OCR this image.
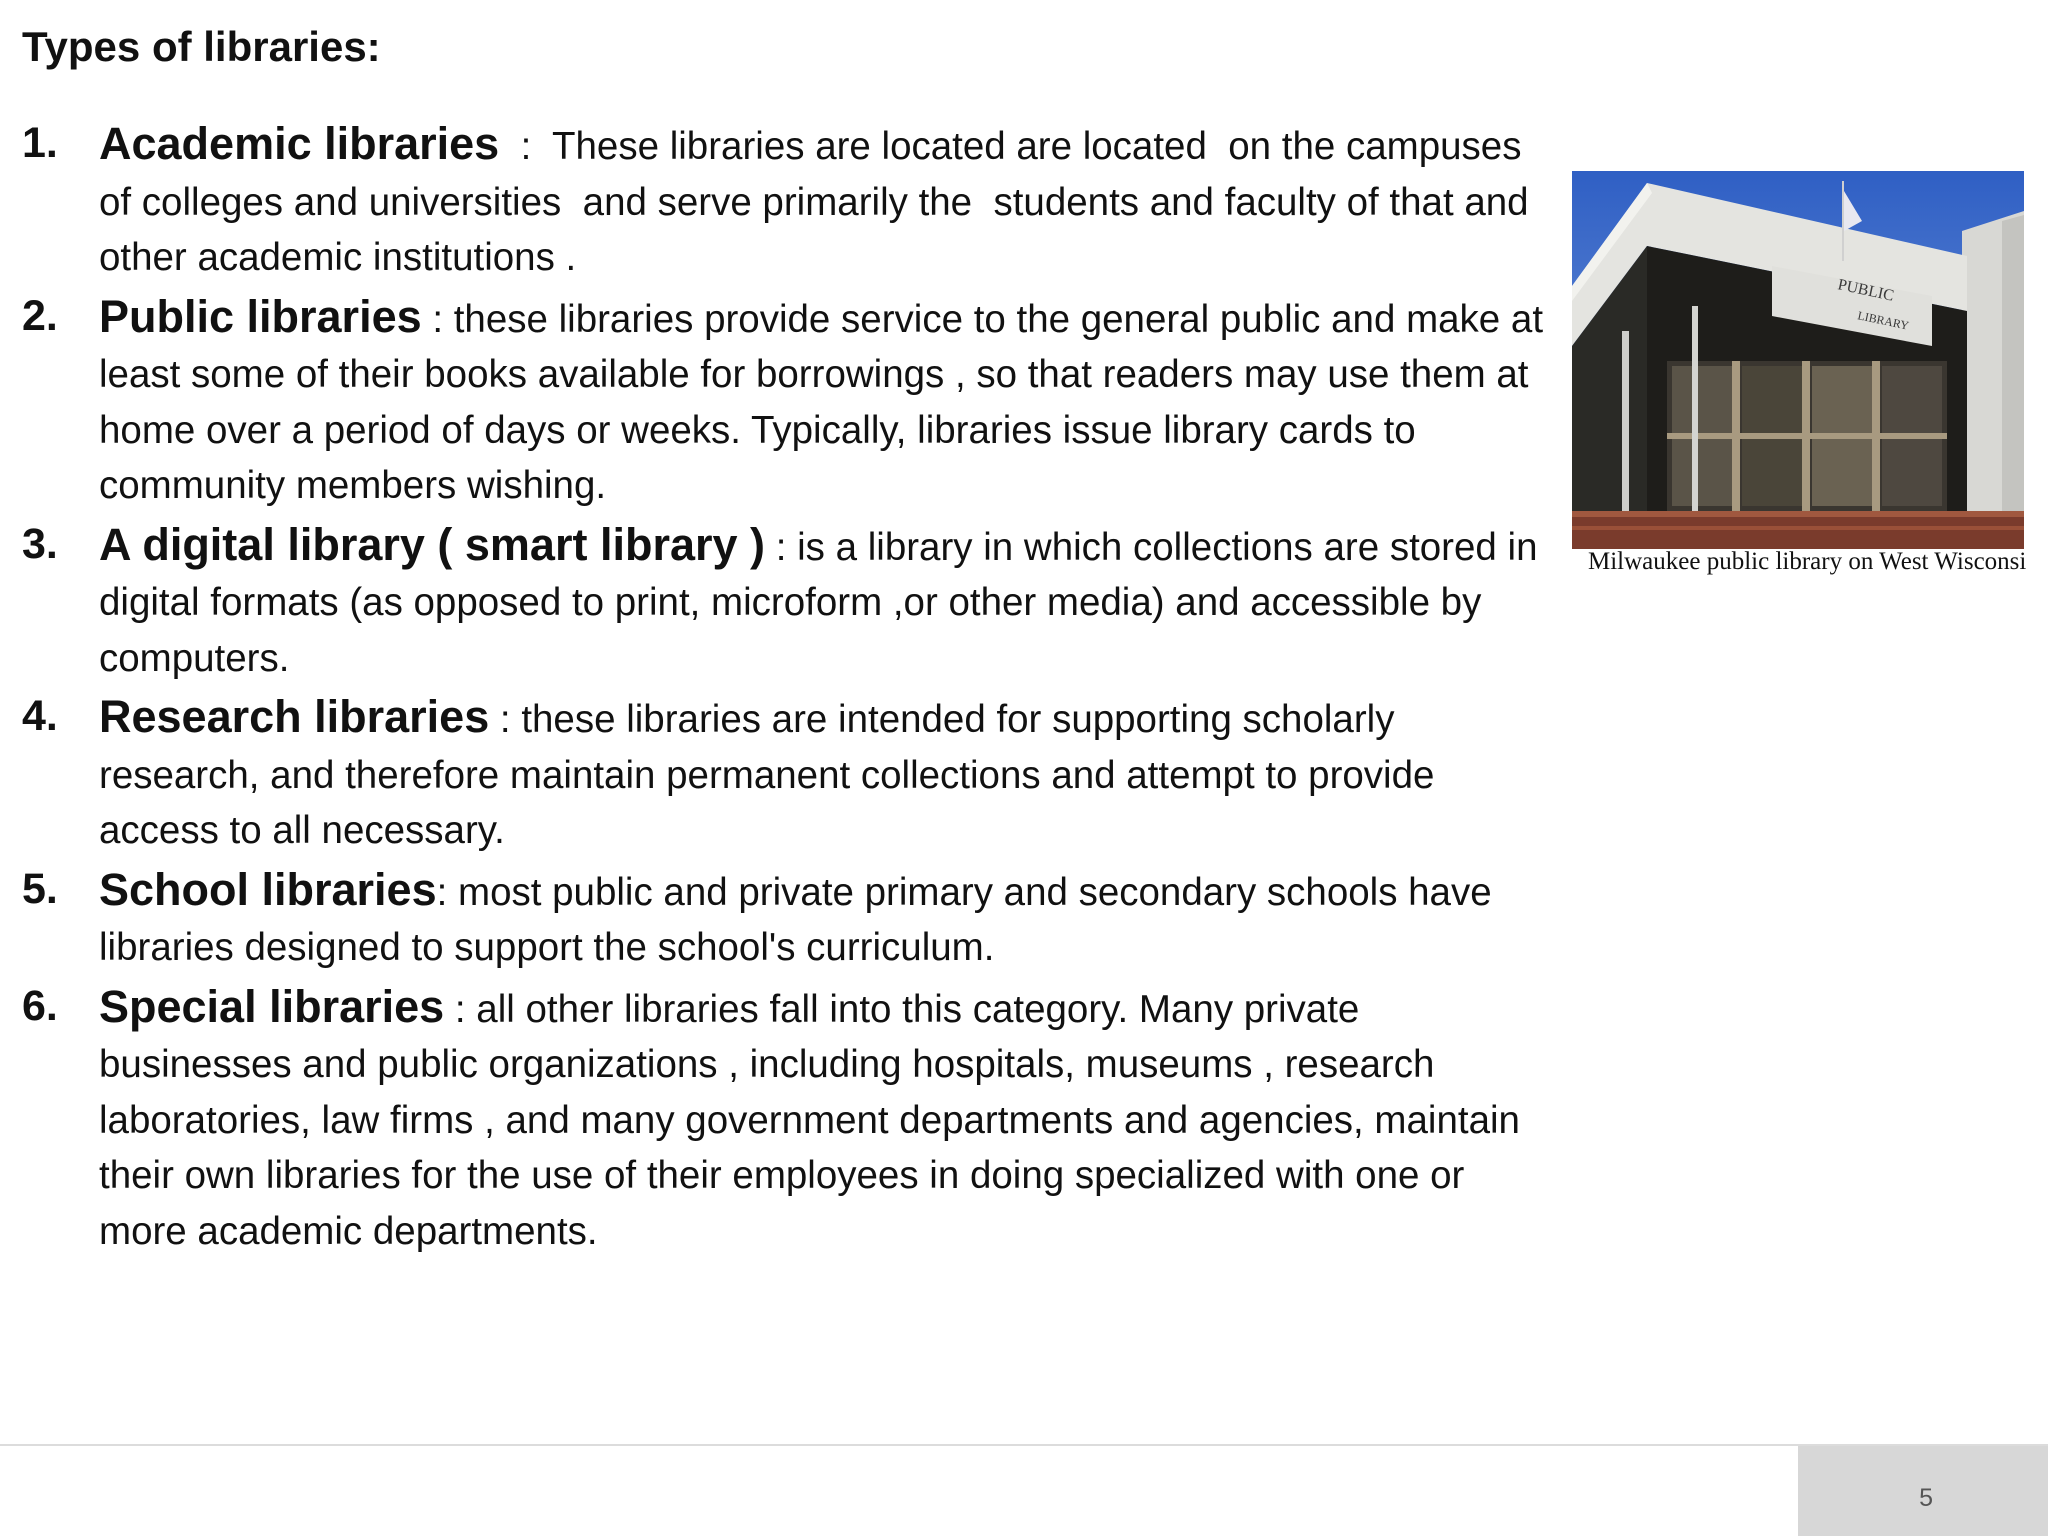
Types of libraries:
1. Academic libraries  :  These libraries are located are located  on the campuses of colleges and universities  and serve primarily the  students and faculty of that and other academic institutions .
2. Public libraries : these libraries provide service to the general public and make at least some of their books available for borrowings , so that readers may use them at home over a period of days or weeks. Typically, libraries issue library cards to community members wishing.
3. A digital library ( smart library ) : is a library in which collections are stored in digital formats (as opposed to print, microform ,or other media) and accessible by computers.
4. Research libraries : these libraries are intended for supporting scholarly research, and therefore maintain permanent collections and attempt to provide access to all necessary.
5. School libraries: most public and private primary and secondary schools have libraries designed to support the school's curriculum.
6. Special libraries : all other libraries fall into this category. Many private businesses and public organizations , including hospitals, museums , research laboratories, law firms , and many government departments and agencies, maintain their own libraries for the use of their employees in doing specialized with one or more academic departments.
PUBLIC
LIBRARY
Milwaukee public library on West Wisconsi
5
